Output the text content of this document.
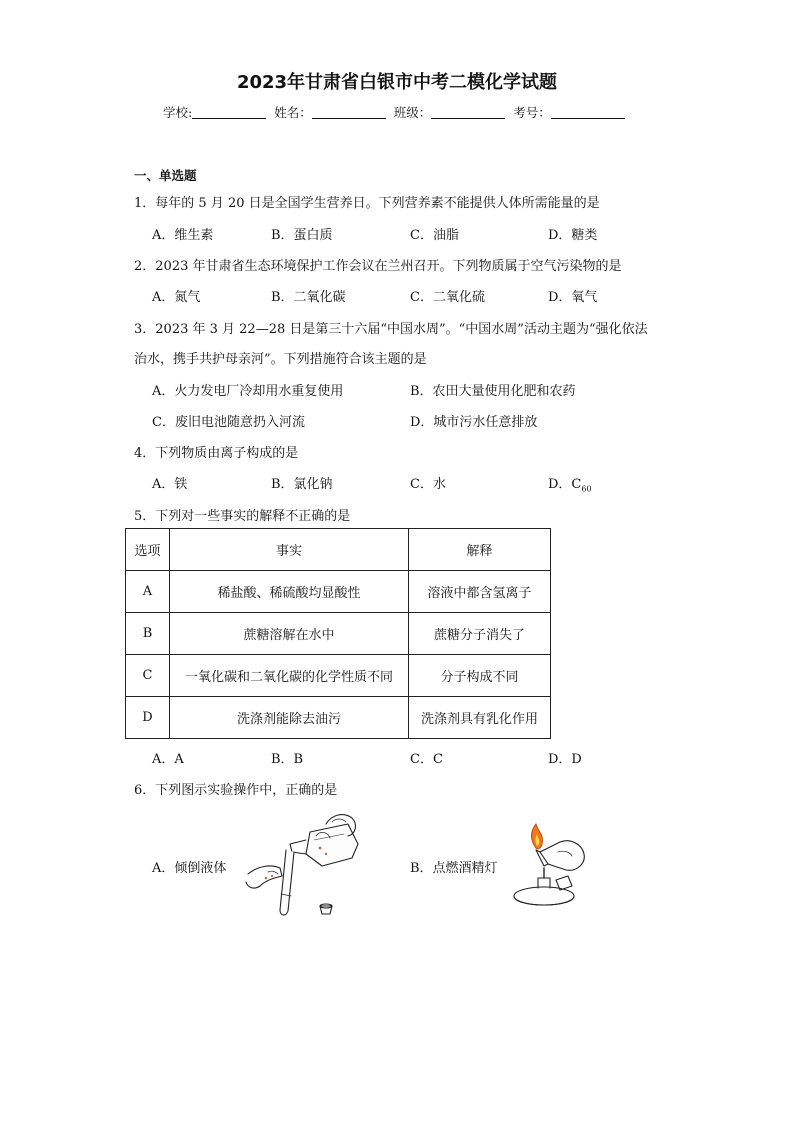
2023年甘肃省白银市中考二模化学试题
学校:	姓名：	班级：	考号：
一、单选题
1．每年的 5 月 20 日是全国学生营养日。下列营养素不能提供人体所需能量的是
A．维生素	B．蛋白质	C．油脂	D．糖类
2．2023 年甘肃省生态环境保护工作会议在兰州召开。下列物质属于空气污染物的是
A．氮气	B．二氧化碳	C．二氧化硫	D．氧气
3．2023 年 3 月 22—28 日是第三十六届“中国水周”。“中国水周”活动主题为“强化依法
治水，携手共护母亲河”。下列措施符合该主题的是
A．火力发电厂冷却用水重复使用	B．农田大量使用化肥和农药
C．废旧电池随意扔入河流	D．城市污水任意排放
4．下列物质由离子构成的是
A．铁	B．氯化钠	C．水	D．$C_{60}$
5．下列对一些事实的解释不正确的是
选项	事实	解释
A	稀盐酸、稀硫酸均显酸性	溶液中都含氢离子
B	蔗糖溶解在水中	蔗糖分子消失了
C	一氧化碳和二氧化碳的化学性质不同	分子构成不同
D	洗涤剂能除去油污	洗涤剂具有乳化作用
A．A	B．B	C．C	D．D
6．下列图示实验操作中，正确的是
A．倾倒液体	B．点燃酒精灯
